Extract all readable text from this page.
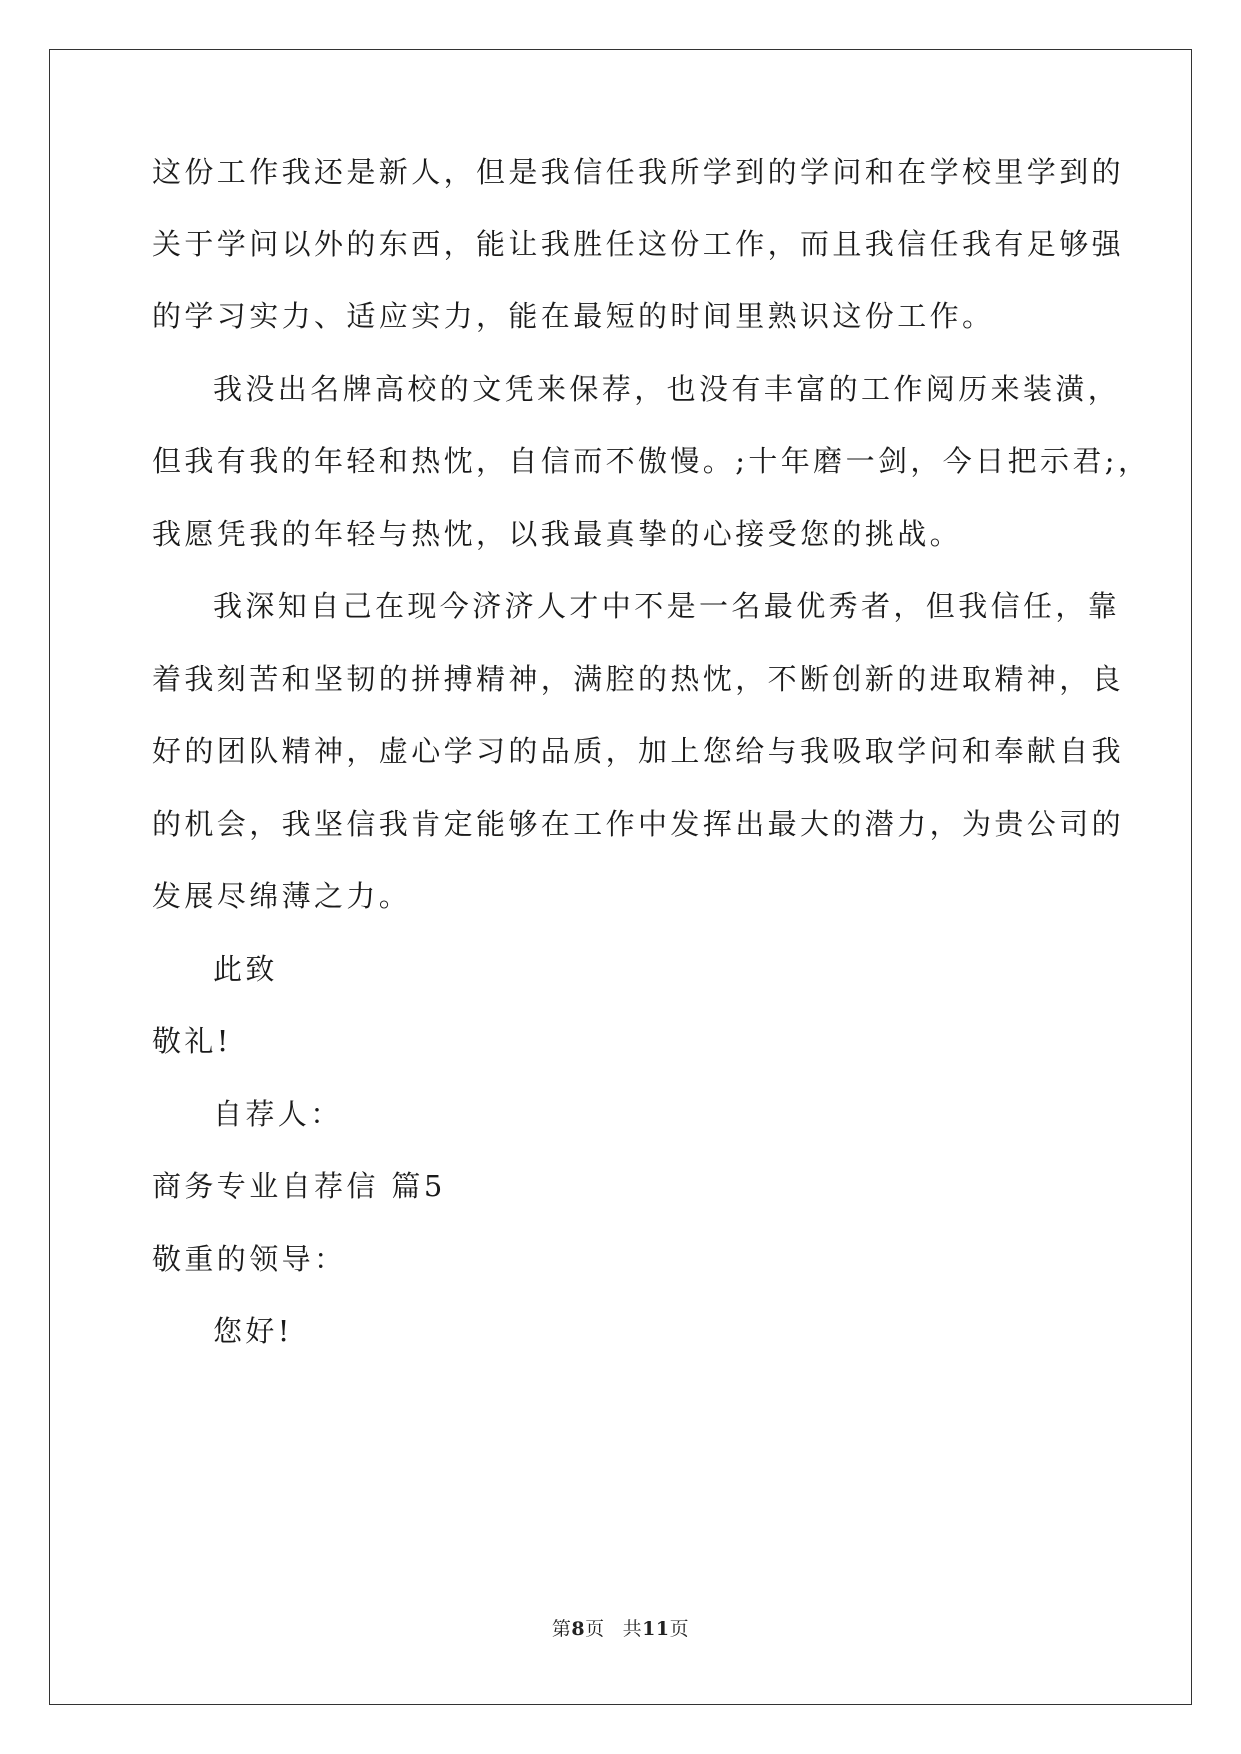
这份工作我还是新人，但是我信任我所学到的学问和在学校里学到的
关于学问以外的东西，能让我胜任这份工作，而且我信任我有足够强
的学习实力、适应实力，能在最短的时间里熟识这份工作。
我没出名牌高校的文凭来保荐，也没有丰富的工作阅历来装潢，
但我有我的年轻和热忱，自信而不傲慢。;十年磨一剑，今日把示君;，
我愿凭我的年轻与热忱，以我最真挚的心接受您的挑战。
我深知自己在现今济济人才中不是一名最优秀者，但我信任，靠
着我刻苦和坚韧的拼搏精神，满腔的热忱，不断创新的进取精神，良
好的团队精神，虚心学习的品质，加上您给与我吸取学问和奉献自我
的机会，我坚信我肯定能够在工作中发挥出最大的潜力，为贵公司的
发展尽绵薄之力。
此致
敬礼!
自荐人：
商务专业自荐信 篇5
敬重的领导：
您好!
第8页 共11页
